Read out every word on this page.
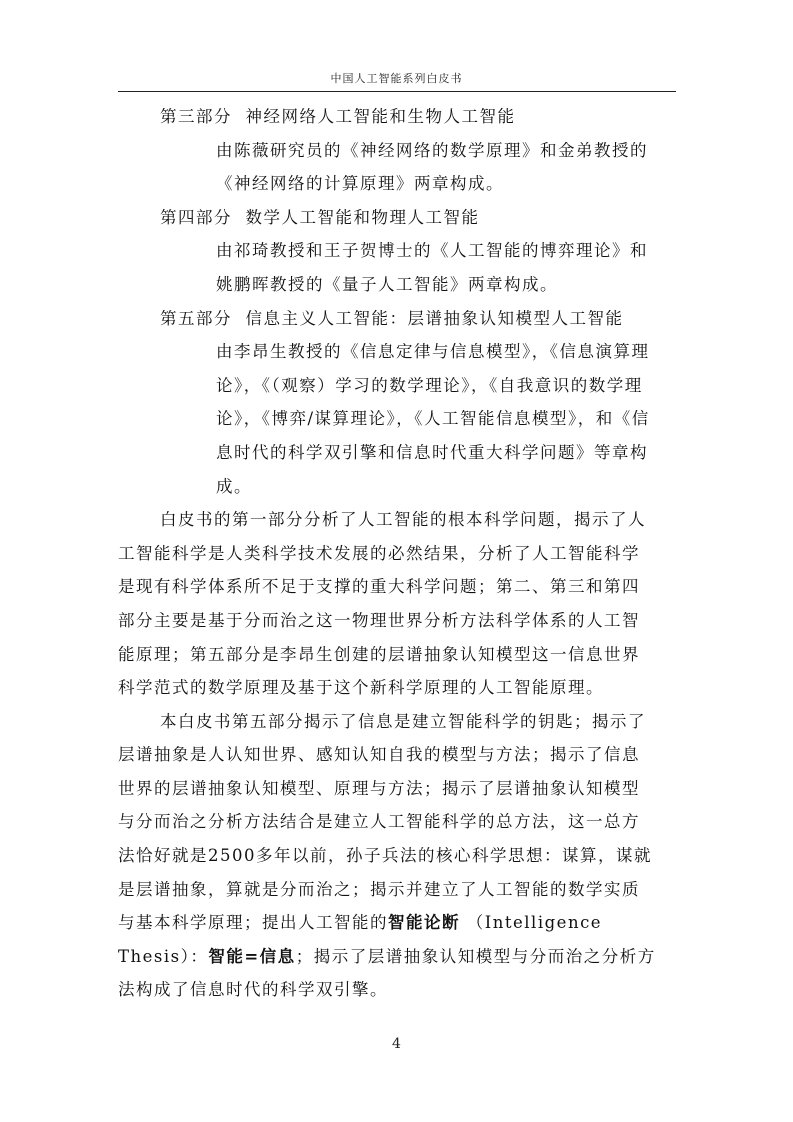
中国人工智能系列白皮书
第三部分  神经网络人工智能和生物人工智能
由陈薇研究员的《神经网络的数学原理》和金弟教授的
《神经网络的计算原理》两章构成。
第四部分  数学人工智能和物理人工智能
由祁琦教授和王子贺博士的《人工智能的博弈理论》和
姚鹏晖教授的《量子人工智能》两章构成。
第五部分  信息主义人工智能：层谱抽象认知模型人工智能
由李昂生教授的《信息定律与信息模型》，《信息演算理
论》，《（观察）学习的数学理论》，《自我意识的数学理
论》，《博弈/谋算理论》，《人工智能信息模型》，和《信
息时代的科学双引擎和信息时代重大科学问题》等章构
成。
白皮书的第一部分分析了人工智能的根本科学问题，揭示了人
工智能科学是人类科学技术发展的必然结果，分析了人工智能科学
是现有科学体系所不足于支撑的重大科学问题；第二、第三和第四
部分主要是基于分而治之这一物理世界分析方法科学体系的人工智
能原理；第五部分是李昂生创建的层谱抽象认知模型这一信息世界
科学范式的数学原理及基于这个新科学原理的人工智能原理。
本白皮书第五部分揭示了信息是建立智能科学的钥匙；揭示了
层谱抽象是人认知世界、感知认知自我的模型与方法；揭示了信息
世界的层谱抽象认知模型、原理与方法；揭示了层谱抽象认知模型
与分而治之分析方法结合是建立人工智能科学的总方法，这一总方
法恰好就是2500多年以前，孙子兵法的核心科学思想：谋算，谋就
是层谱抽象，算就是分而治之；揭示并建立了人工智能的数学实质
与基本科学原理；提出人工智能的智能论断 （Intelligence
Thesis）：智能=信息；揭示了层谱抽象认知模型与分而治之分析方
法构成了信息时代的科学双引擎。
4
